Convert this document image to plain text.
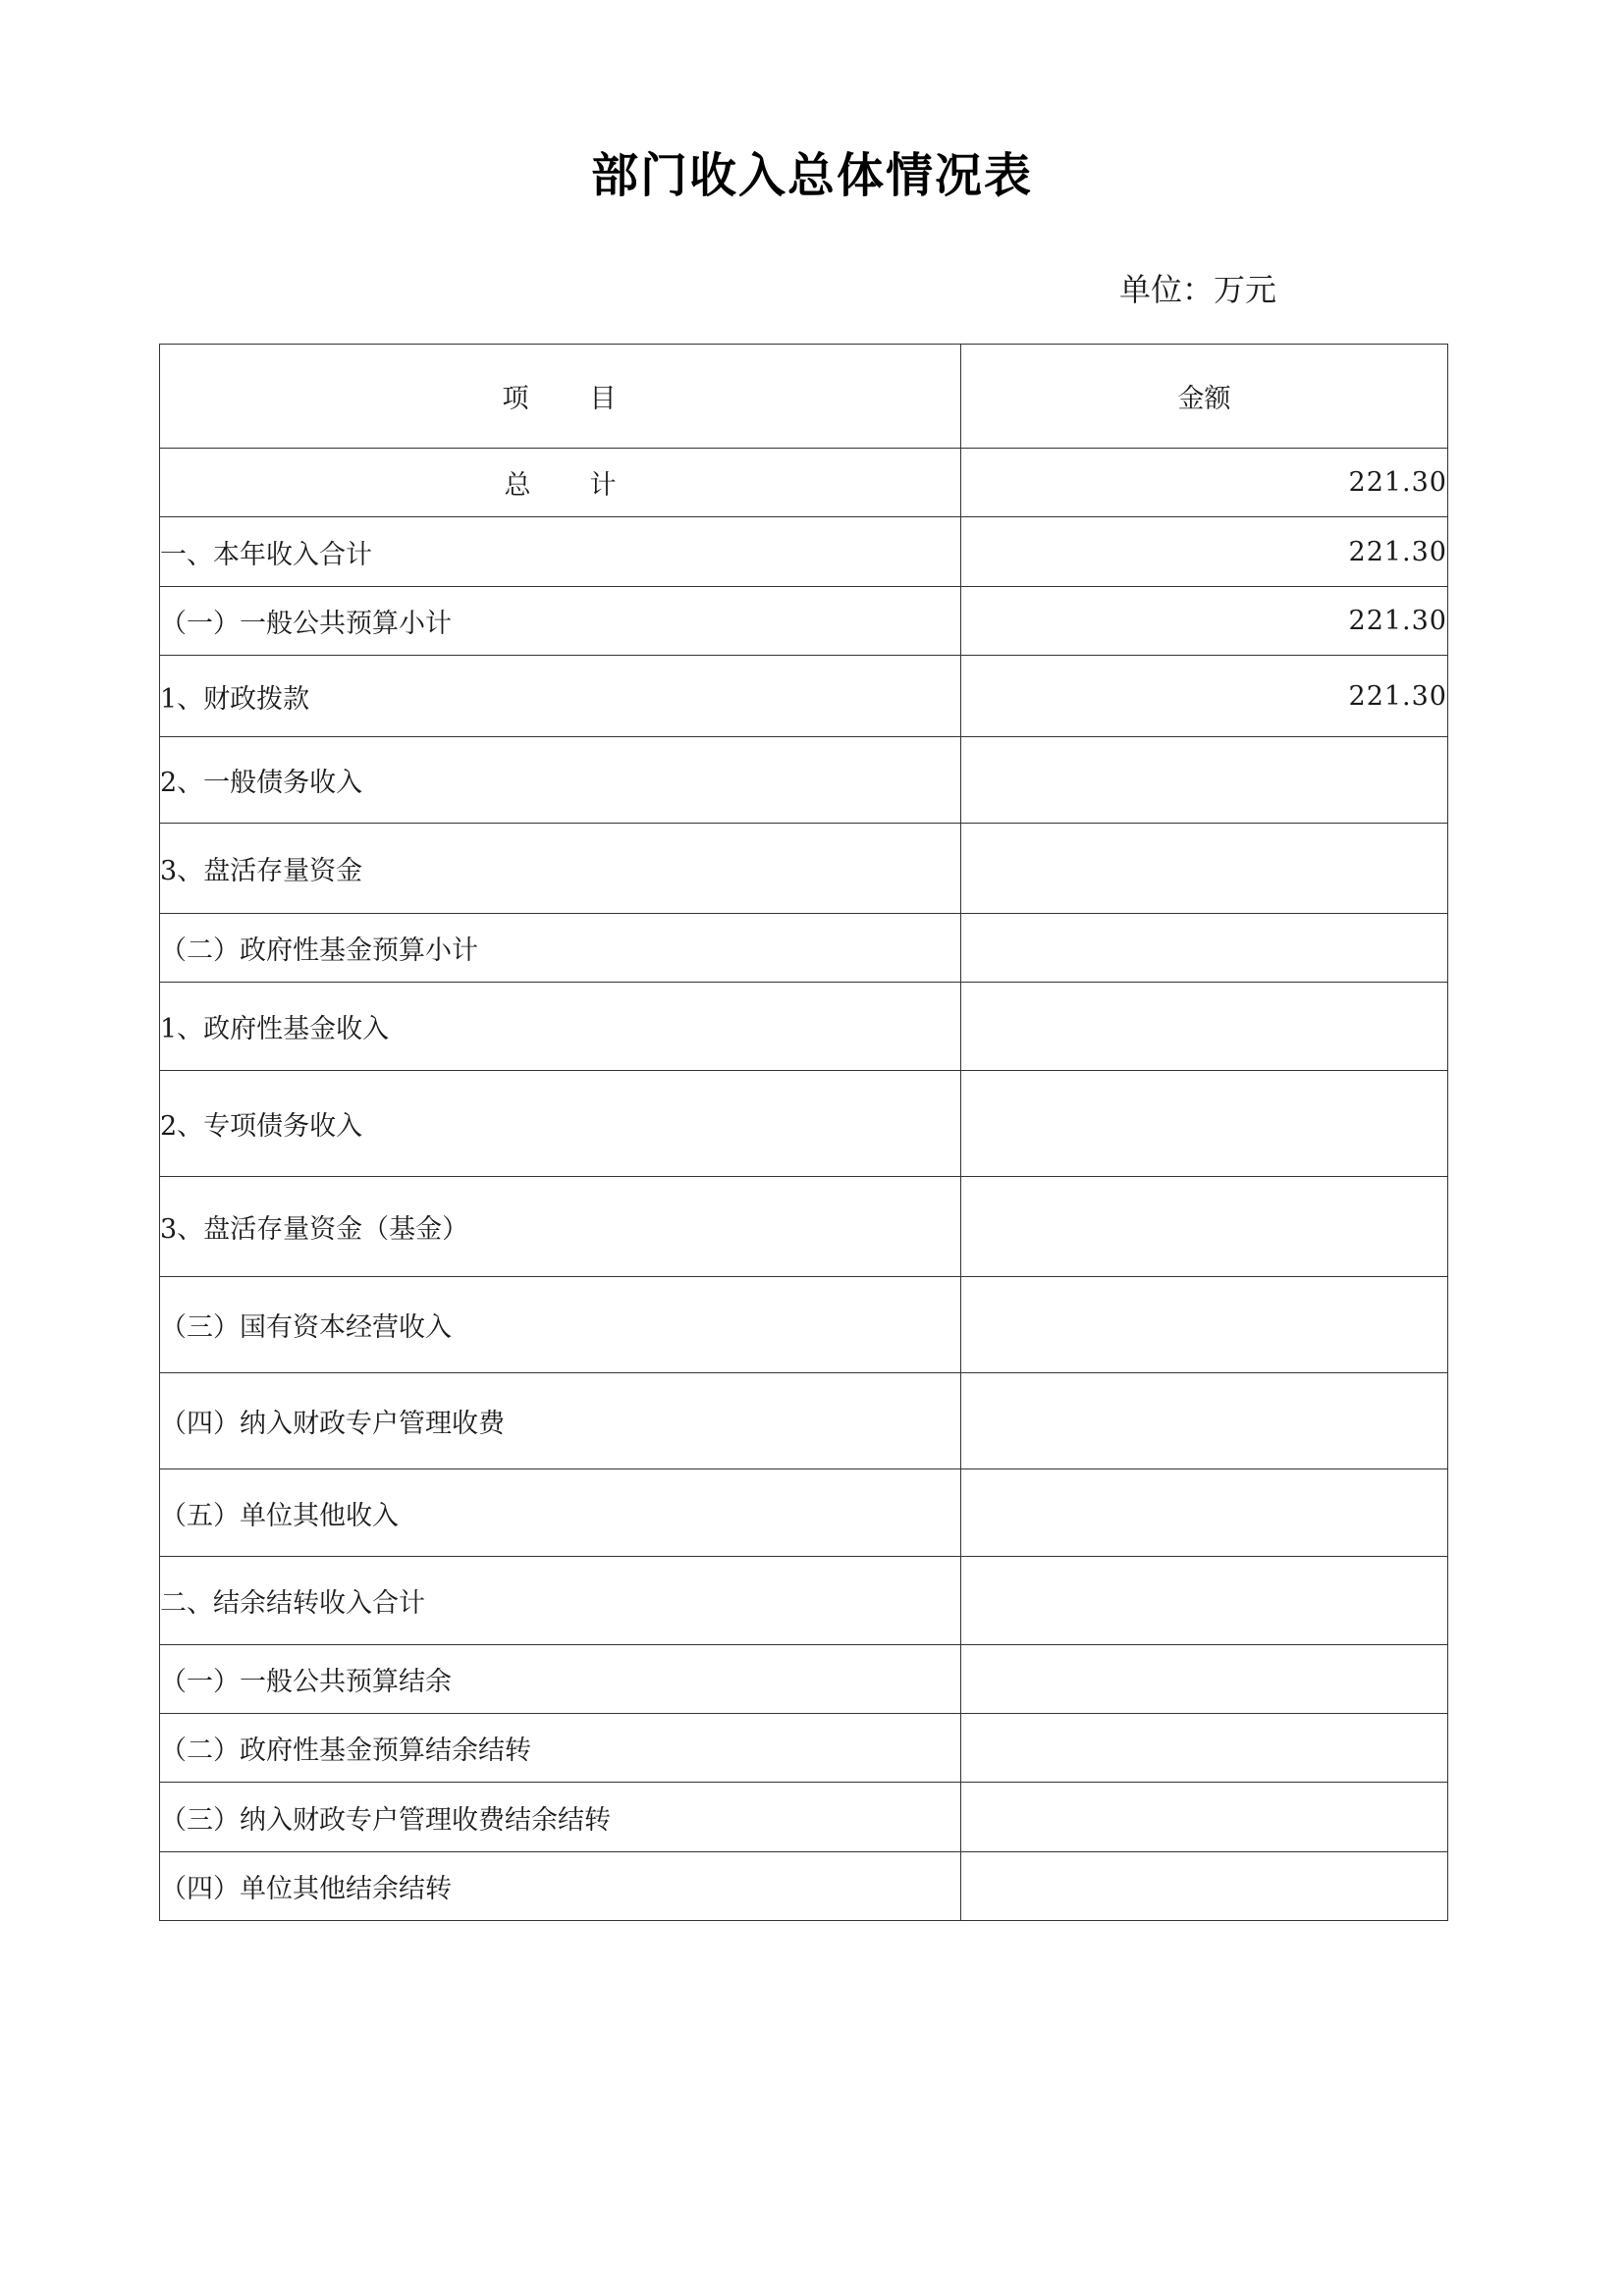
部门收入总体情况表
单位：万元
项 目	金额
总 计	221.30
一、本年收入合计	221.30
（一）一般公共预算小计	221.30
1、财政拨款	221.30
2、一般债务收入	
3、盘活存量资金	
（二）政府性基金预算小计	
1、政府性基金收入	
2、专项债务收入	
3、盘活存量资金（基金）	
（三）国有资本经营收入	
（四）纳入财政专户管理收费	
（五）单位其他收入	
二、结余结转收入合计	
（一）一般公共预算结余	
（二）政府性基金预算结余结转	
（三）纳入财政专户管理收费结余结转	
（四）单位其他结余结转	
